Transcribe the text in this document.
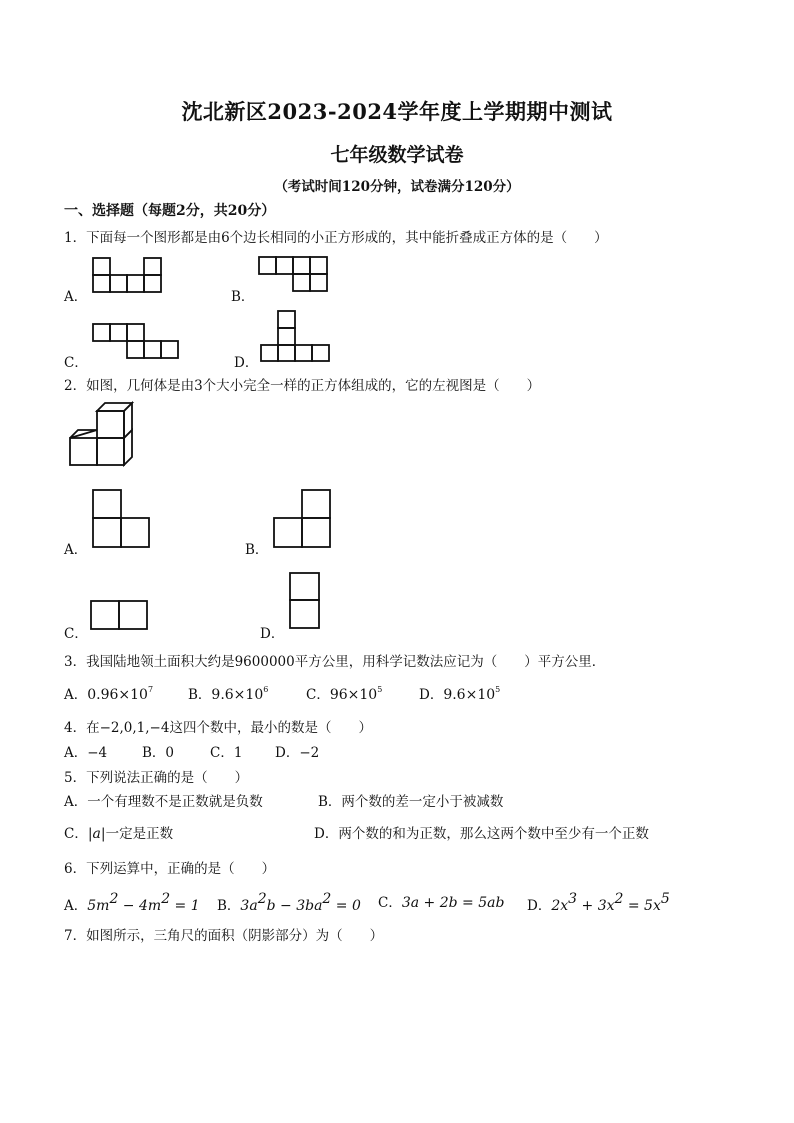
沈北新区2023-2024学年度上学期期中测试
七年级数学试卷
（考试时间120分钟，试卷满分120分）
一、选择题（每题2分，共20分）
1．下面每一个图形都是由6个边长相同的小正方形成的，其中能折叠成正方体的是（　　）
A．	B．
C．	D．
2．如图，几何体是由3个大小完全一样的正方体组成的，它的左视图是（　　）
A．	B．
C．	D．
3．我国陆地领土面积大约是9600000平方公里，用科学记数法应记为（　　）平方公里．
A．$0.96\times 10^7$	B．$9.6\times 10^6$	C．$96\times 10^5$	D．$9.6\times 10^5$
4．在−2,0,1,−4这四个数中，最小的数是（　　）
A．−4	B．0	C．1 D．−2
5．下列说法正确的是（　　）
A．一个有理数不是正数就是负数	B．两个数的差一定小于被减数
C．|a|一定是正数	D．两个数的和为正数，那么这两个数中至少有一个正数
6．下列运算中，正确的是（　　）
A．$5m^2 - 4m^2 = 1$ B．$3a^2b - 3ba^2 = 0$ C．3a + 2b = 5ab D．$2x^3 + 3x^2 = 5x^5$
7．如图所示，三角尺的面积（阴影部分）为（　　）
